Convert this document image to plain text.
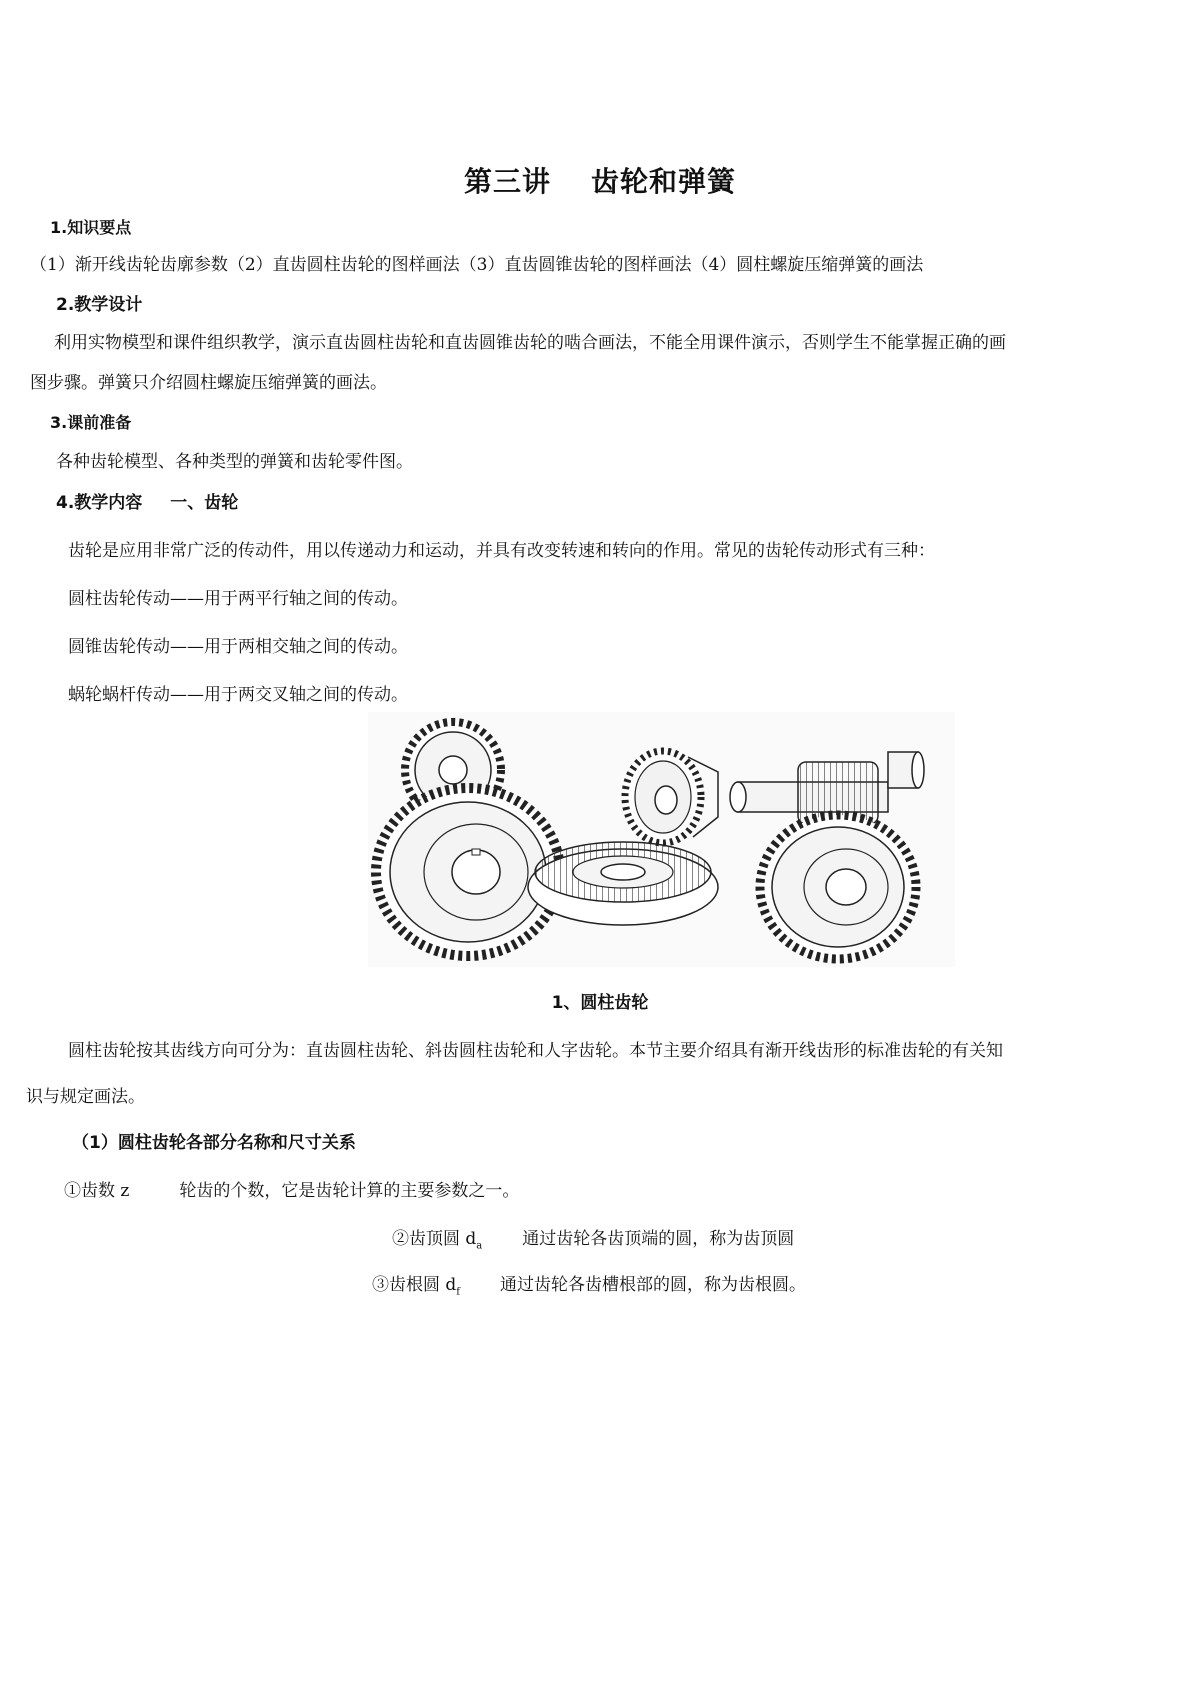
第三讲 齿轮和弹簧
1.知识要点
（1）渐开线齿轮齿廓参数（2）直齿圆柱齿轮的图样画法（3）直齿圆锥齿轮的图样画法（4）圆柱螺旋压缩弹簧的画法
2.教学设计
利用实物模型和课件组织教学，演示直齿圆柱齿轮和直齿圆锥齿轮的啮合画法，不能全用课件演示，否则学生不能掌握正确的画
图步骤。弹簧只介绍圆柱螺旋压缩弹簧的画法。
3.课前准备
各种齿轮模型、各种类型的弹簧和齿轮零件图。
4.教学内容 一、齿轮
齿轮是应用非常广泛的传动件，用以传递动力和运动，并具有改变转速和转向的作用。常见的齿轮传动形式有三种：
圆柱齿轮传动——用于两平行轴之间的传动。
圆锥齿轮传动——用于两相交轴之间的传动。
蜗轮蜗杆传动——用于两交叉轴之间的传动。
1、圆柱齿轮
圆柱齿轮按其齿线方向可分为：直齿圆柱齿轮、斜齿圆柱齿轮和人字齿轮。本节主要介绍具有渐开线齿形的标准齿轮的有关知
识与规定画法。
（1）圆柱齿轮各部分名称和尺寸关系
①齿数 z	轮齿的个数，它是齿轮计算的主要参数之一。
②齿顶圆 $d_a$ 通过齿轮各齿顶端的圆，称为齿顶圆
③齿根圆 $d_f$ 通过齿轮各齿槽根部的圆，称为齿根圆。
